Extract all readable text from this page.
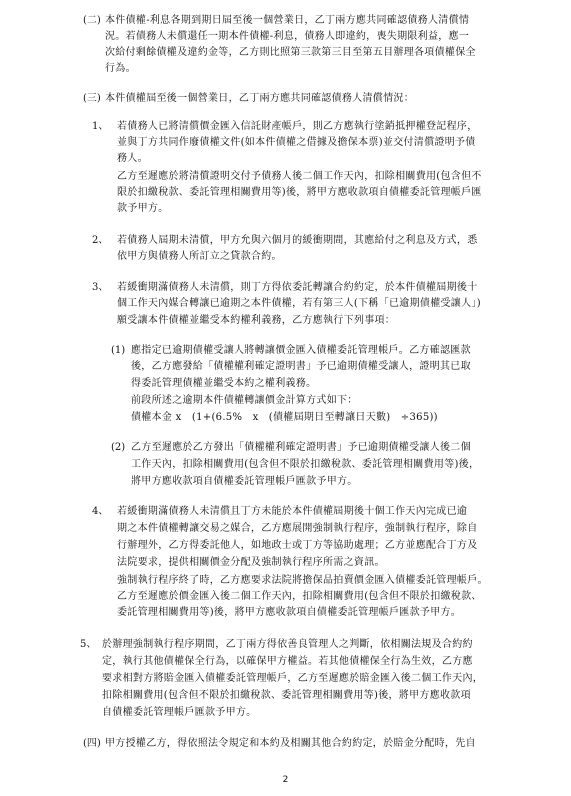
(二) 本件債權-利息各期到期日屆至後一個營業日，乙丁兩方應共同確認債務人清償情
況。若債務人未償還任一期本件債權-利息，債務人即違約，喪失期限利益，應一
次給付剩餘債權及違約金等，乙方則比照第三款第三目至第五目辦理各項債權保全
行為。
(三) 本件債權屆至後一個營業日，乙丁兩方應共同確認債務人清償情況：
1、 若債務人已將清償價金匯入信託財產帳戶，則乙方應執行塗銷抵押權登記程序，
並與丁方共同作廢債權文件(如本件債權之借據及擔保本票)並交付清償證明予債
務人。
乙方至遲應於將清償證明交付予債務人後二個工作天內，扣除相關費用(包含但不
限於扣繳稅款、委託管理相關費用等)後，將甲方應收款項自債權委託管理帳戶匯
款予甲方。
2、 若債務人屆期未清償，甲方允與六個月的緩衝期間，其應給付之利息及方式，悉
依甲方與債務人所訂立之貸款合約。
3、 若緩衝期滿債務人未清償，則丁方得依委託轉讓合約約定，於本件債權屆期後十
個工作天內媒合轉讓已逾期之本件債權，若有第三人(下稱「已逾期債權受讓人」)
願受讓本件債權並繼受本約權利義務，乙方應執行下列事項：
(1) 應指定已逾期債權受讓人將轉讓價金匯入債權委託管理帳戶。乙方確認匯款
後，乙方應發給「債權權利確定證明書」予已逾期債權受讓人，證明其已取
得委託管理債權並繼受本約之權利義務。
前段所述之逾期本件債權轉讓價金計算方式如下：
債權本金 x　(1+(6.5%　x　(債權屆期日至轉讓日天數)　÷365))
(2) 乙方至遲應於乙方發出「債權權利確定證明書」予已逾期債權受讓人後二個
工作天內，扣除相關費用(包含但不限於扣繳稅款、委託管理相關費用等)後，
將甲方應收款項自債權委託管理帳戶匯款予甲方。
4、 若緩衝期滿債務人未清償且丁方未能於本件債權屆期後十個工作天內完成已逾
期之本件債權轉讓交易之媒合，乙方應展開強制執行程序，強制執行程序，除自
行辦理外，乙方得委託他人，如地政士或丁方等協助處理；乙方並應配合丁方及
法院要求，提供相關價金分配及強制執行程序所需之資訊。
強制執行程序終了時，乙方應要求法院將擔保品拍賣價金匯入債權委託管理帳戶。
乙方至遲應於價金匯入後二個工作天內，扣除相關費用(包含但不限於扣繳稅款、
委託管理相關費用等)後，將甲方應收款項自債權委託管理帳戶匯款予甲方。
5、 於辦理強制執行程序期間，乙丁兩方得依善良管理人之判斷，依相關法規及合約約
定，執行其他債權保全行為，以確保甲方權益。若其他債權保全行為生效，乙方應
要求相對方將賠金匯入債權委託管理帳戶，乙方至遲應於賠金匯入後二個工作天內，
扣除相關費用(包含但不限於扣繳稅款、委託管理相關費用等)後，將甲方應收款項
自債權委託管理帳戶匯款予甲方。
(四) 甲方授權乙方，得依照法令規定和本約及相關其他合約約定，於賠金分配時，先自
2
